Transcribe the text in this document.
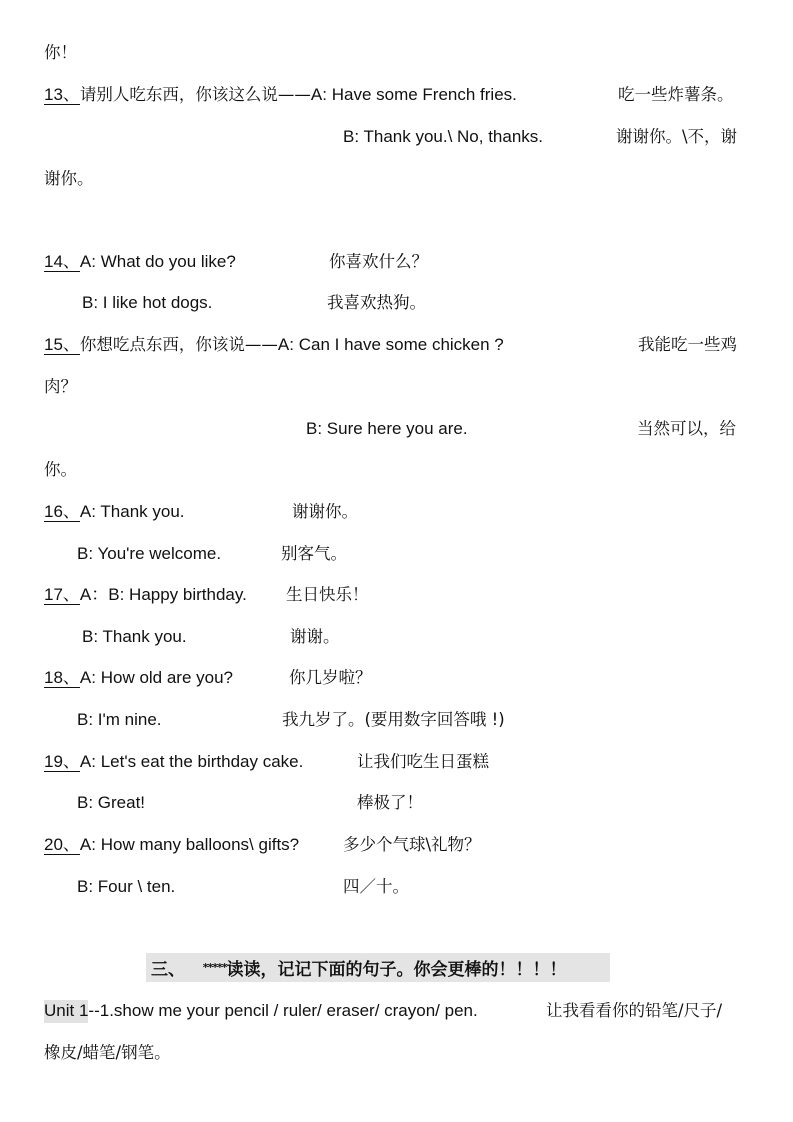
你！
13、请别人吃东西，你该这么说——A: Have some French fries.	吃一些炸薯条。
B: Thank you.\ No, thanks.	谢谢你。\不，谢
谢你。
14、A: What do you like?	你喜欢什么？
B: I like hot dogs.	我喜欢热狗。
15、你想吃点东西，你该说——A: Can I have some chicken ?	我能吃一些鸡
肉？
B: Sure here you are.	当然可以，给
你。
16、A: Thank you.	谢谢你。
B: You're welcome.	别客气。
17、A：B: Happy birthday. 生日快乐！
B: Thank you.	谢谢。
18、A: How old are you?	你几岁啦？
B: I'm nine.	我九岁了。(要用数字回答哦 !)
19、A: Let's eat the birthday cake.	让我们吃生日蛋糕
B: Great!	棒极了！
20、A: How many balloons\ gifts?	多少个气球\礼物？
B: Four \ ten.	四／十。
三、 *****读读，记记下面的句子。你会更棒的！！！！
Unit 1--1.show me your pencil / ruler/ eraser/ crayon/ pen.	让我看看你的铅笔/尺子/
橡皮/蜡笔/钢笔。
